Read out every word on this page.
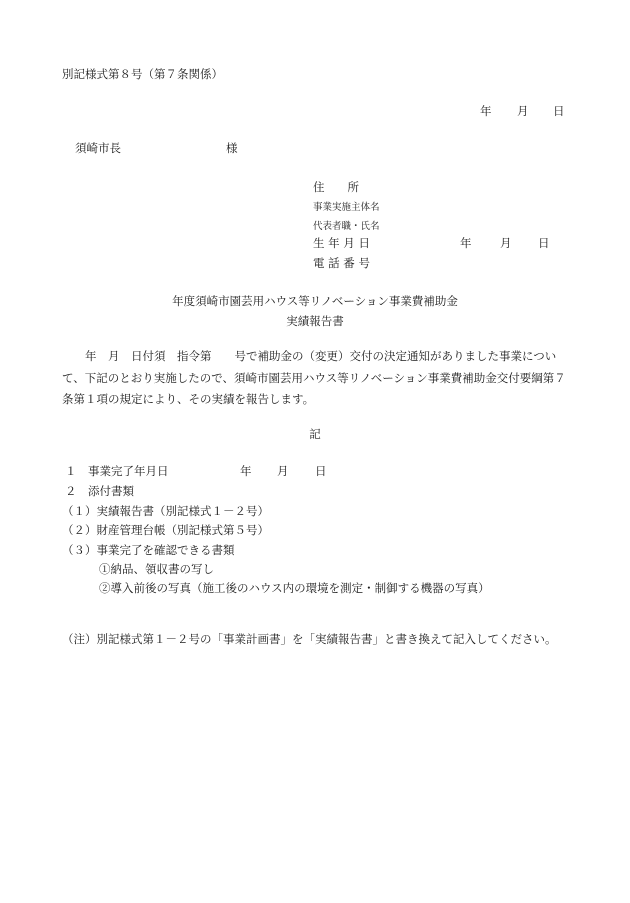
別記様式第８号（第７条関係）
年 月 日
須崎市長	様
住　　所
事業実施主体名
代表者職・氏名
生 年 月 日	年 月 日
電 話 番 号
年度須崎市園芸用ハウス等リノベーション事業費補助金
実績報告書
年　月　日付須　指令第　　号で補助金の（変更）交付の決定通知がありました事業について、下記のとおり実施したので、須崎市園芸用ハウス等リノベーション事業費補助金交付要綱第７条第１項の規定により、その実績を報告します。
記
１　事業完了年月日	年 月 日
２　添付書類
（１）実績報告書（別記様式１－２号）
（２）財産管理台帳（別記様式第５号）
（３）事業完了を確認できる書類
①納品、領収書の写し
②導入前後の写真（施工後のハウス内の環境を測定・制御する機器の写真）
（注）別記様式第１－２号の「事業計画書」を「実績報告書」と書き換えて記入してください。
